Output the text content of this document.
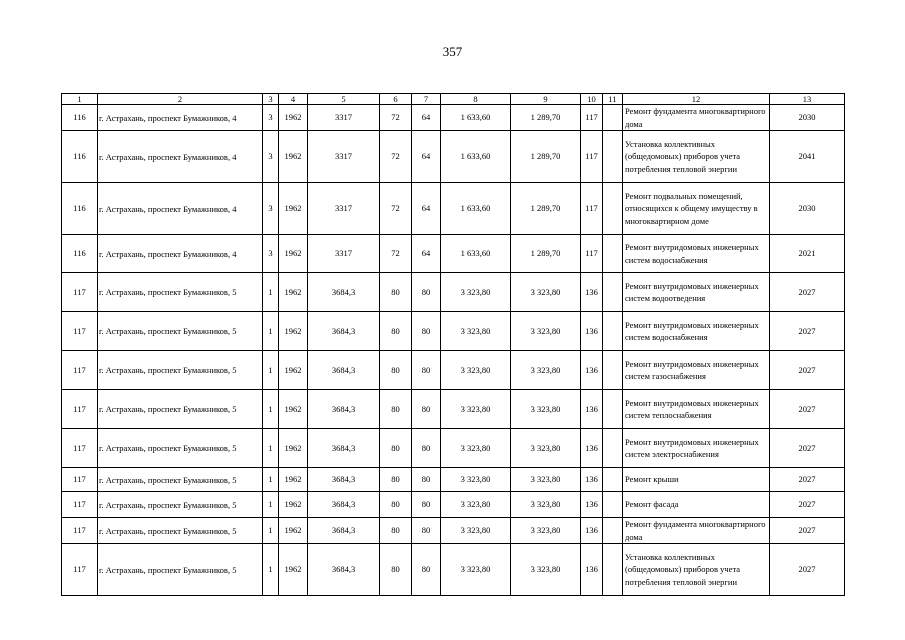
357
1	2	3	4	5	6	7	8	9	10	11	12	13
116	г. Астрахань, проспект Бумажников, 4	3	1962	3317	72	64	1 633,60	1 289,70	117		Ремонт фундамента многоквартирного дома	2030
116	г. Астрахань, проспект Бумажников, 4	3	1962	3317	72	64	1 633,60	1 289,70	117		Установка коллективных (общедомовых) приборов учета потребления тепловой энергии	2041
116	г. Астрахань, проспект Бумажников, 4	3	1962	3317	72	64	1 633,60	1 289,70	117		Ремонт подвальных помещений, относящихся к общему имуществу в многоквартирном доме	2030
116	г. Астрахань, проспект Бумажников, 4	3	1962	3317	72	64	1 633,60	1 289,70	117		Ремонт внутридомовых инженерных систем водоснабжения	2021
117	г. Астрахань, проспект Бумажников, 5	1	1962	3684,3	80	80	3 323,80	3 323,80	136		Ремонт внутридомовых инженерных систем водоотведения	2027
117	г. Астрахань, проспект Бумажников, 5	1	1962	3684,3	80	80	3 323,80	3 323,80	136		Ремонт внутридомовых инженерных систем водоснабжения	2027
117	г. Астрахань, проспект Бумажников, 5	1	1962	3684,3	80	80	3 323,80	3 323,80	136		Ремонт внутридомовых инженерных систем газоснабжения	2027
117	г. Астрахань, проспект Бумажников, 5	1	1962	3684,3	80	80	3 323,80	3 323,80	136		Ремонт внутридомовых инженерных систем теплоснабжения	2027
117	г. Астрахань, проспект Бумажников, 5	1	1962	3684,3	80	80	3 323,80	3 323,80	136		Ремонт внутридомовых инженерных систем электроснабжения	2027
117	г. Астрахань, проспект Бумажников, 5	1	1962	3684,3	80	80	3 323,80	3 323,80	136		Ремонт крыши	2027
117	г. Астрахань, проспект Бумажников, 5	1	1962	3684,3	80	80	3 323,80	3 323,80	136		Ремонт фасада	2027
117	г. Астрахань, проспект Бумажников, 5	1	1962	3684,3	80	80	3 323,80	3 323,80	136		Ремонт фундамента многоквартирного дома	2027
117	г. Астрахань, проспект Бумажников, 5	1	1962	3684,3	80	80	3 323,80	3 323,80	136		Установка коллективных (общедомовых) приборов учета потребления тепловой энергии	2027
